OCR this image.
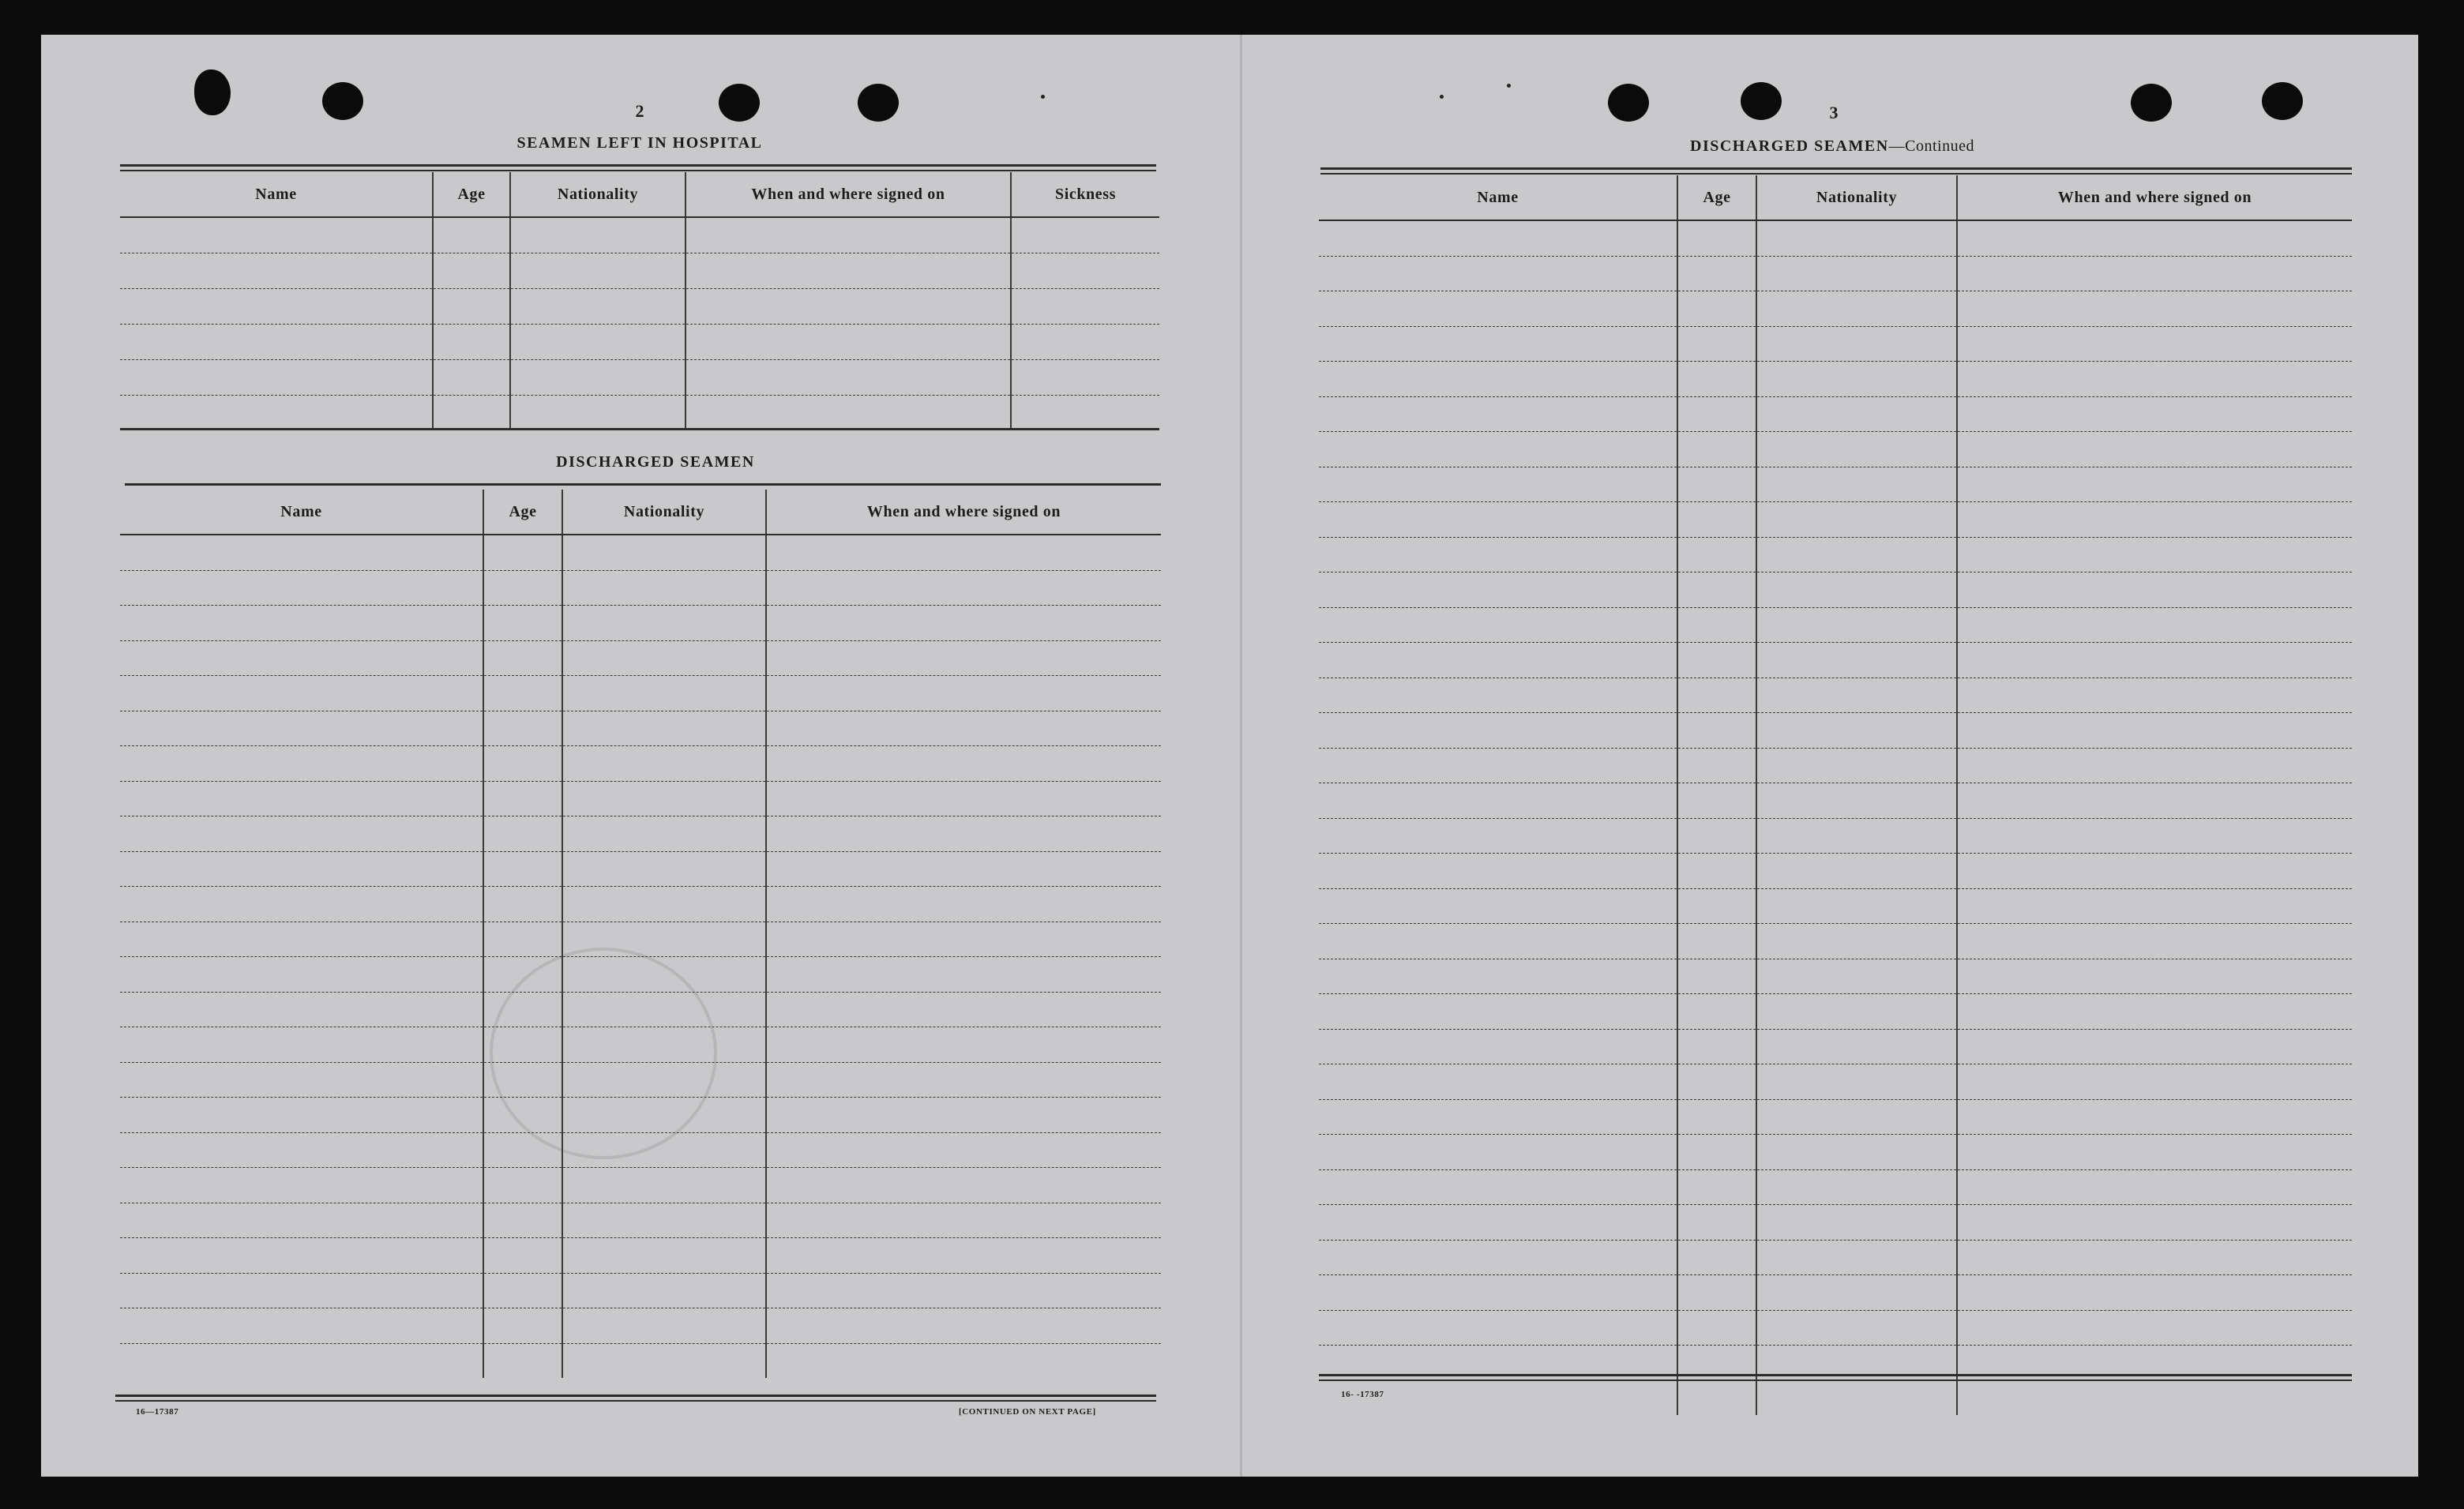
2
SEAMEN LEFT IN HOSPITAL
Name	Age	Nationality	When and where signed on	Sickness

DISCHARGED SEAMEN
Name	Age	Nationality	When and where signed on

16—17387	[CONTINUED ON NEXT PAGE]
3
DISCHARGED SEAMEN—Continued
Name	Age	Nationality	When and where signed on

16- -17387
